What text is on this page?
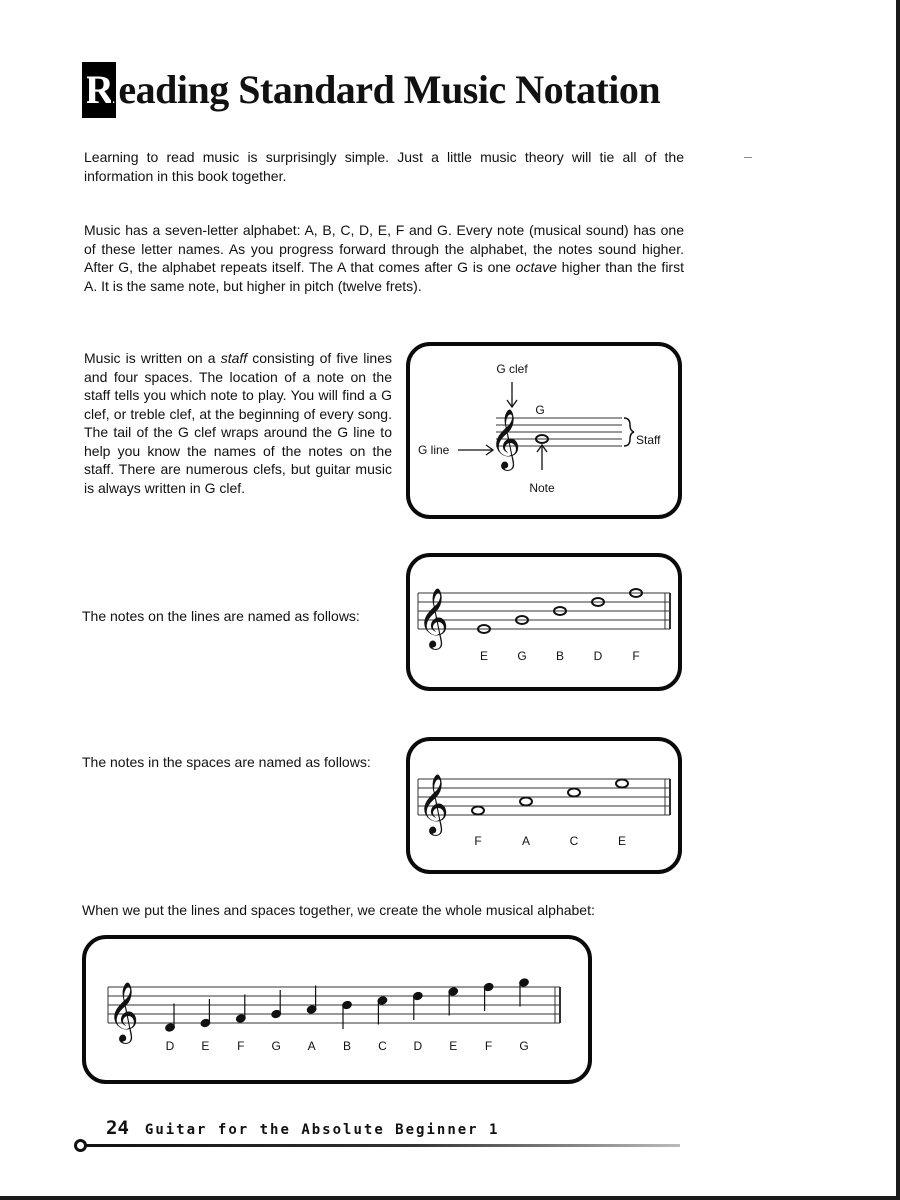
R eading Standard Music Notation

Learning to read music is surprisingly simple. Just a little music theory will tie all of the information in this book together.

Music has a seven-letter alphabet: A, B, C, D, E, F and G. Every note (musical sound) has one of these letter names. As you progress forward through the alphabet, the notes sound higher. After G, the alphabet repeats itself. The A that comes after G is one octave higher than the first A. It is the same note, but higher in pitch (twelve frets).

Music is written on a staff consisting of five lines and four spaces. The location of a note on the staff tells you which note to play. You will find a G clef, or treble clef, at the beginning of every song. The tail of the G clef wraps around the G line to help you know the names of the notes on the staff. There are numerous clefs, but guitar music is always written in G clef.

𝄞
G clef
G
G line
Staff
Note

The notes on the lines are named as follows: 𝄞
E G B D F

The notes in the spaces are named as follows:

𝄞
F	A	C	E

When we put the lines and spaces together, we create the whole musical alphabet:

𝄞
D E F G A B C D E F G

24 Guitar for the Absolute Beginner 1
